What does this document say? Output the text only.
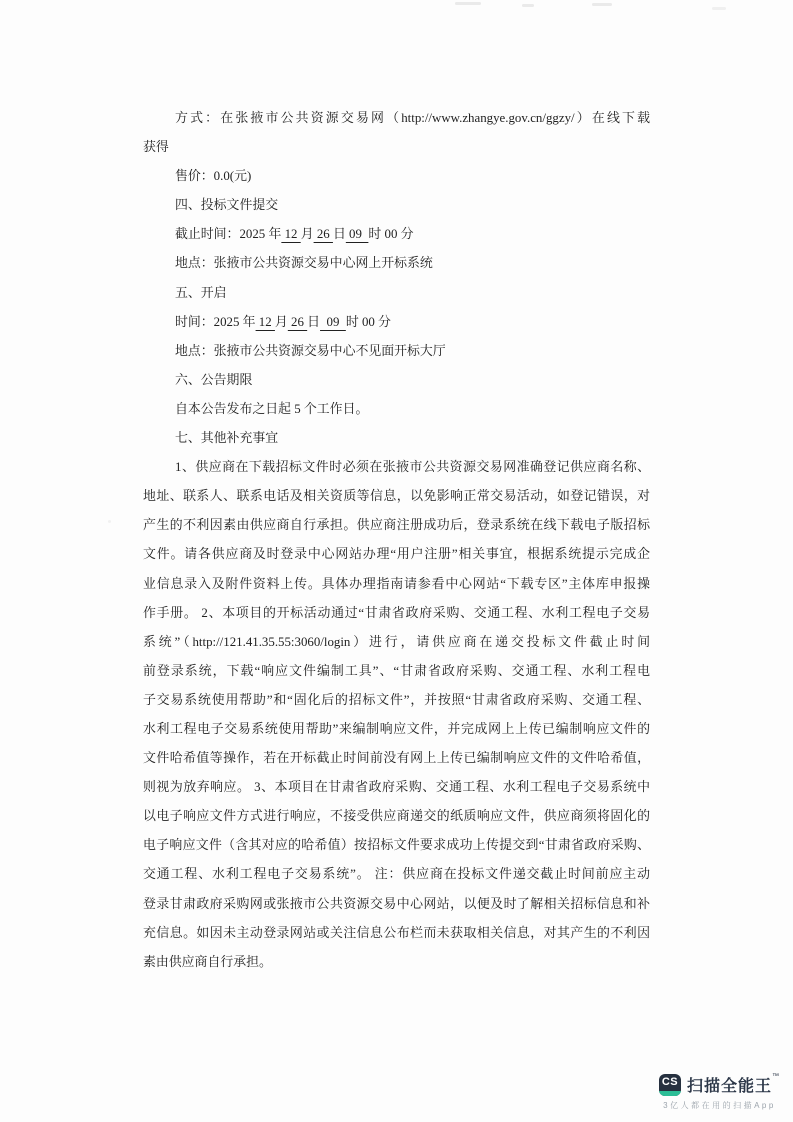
方式：在张掖市公共资源交易网（http://www.zhangye.gov.cn/ggzy/）在线下载
获得
售价：0.0(元)
四、投标文件提交
截止时间：2025 年 12 月 26 日 09  时 00 分
地点：张掖市公共资源交易中心网上开标系统
五、开启
时间：2025 年 12 月 26 日  09  时 00 分
地点：张掖市公共资源交易中心不见面开标大厅
六、公告期限
自本公告发布之日起 5 个工作日。
七、其他补充事宜
1、供应商在下载招标文件时必须在张掖市公共资源交易网准确登记供应商名称、
地址、联系人、联系电话及相关资质等信息，以免影响正常交易活动，如登记错误，对
产生的不利因素由供应商自行承担。供应商注册成功后，登录系统在线下载电子版招标
文件。请各供应商及时登录中心网站办理“用户注册”相关事宜，根据系统提示完成企
业信息录入及附件资料上传。具体办理指南请参看中心网站“下载专区”主体库申报操
作手册。 2、本项目的开标活动通过“甘肃省政府采购、交通工程、水利工程电子交易
系统”（http://121.41.35.55:3060/login）进行，请供应商在递交投标文件截止时间
前登录系统，下载“响应文件编制工具”、“甘肃省政府采购、交通工程、水利工程电
子交易系统使用帮助”和“固化后的招标文件”，并按照“甘肃省政府采购、交通工程、
水利工程电子交易系统使用帮助”来编制响应文件，并完成网上上传已编制响应文件的
文件哈希值等操作，若在开标截止时间前没有网上上传已编制响应文件的文件哈希值，
则视为放弃响应。 3、本项目在甘肃省政府采购、交通工程、水利工程电子交易系统中
以电子响应文件方式进行响应，不接受供应商递交的纸质响应文件，供应商须将固化的
电子响应文件（含其对应的哈希值）按招标文件要求成功上传提交到“甘肃省政府采购、
交通工程、水利工程电子交易系统”。 注：供应商在投标文件递交截止时间前应主动
登录甘肃政府采购网或张掖市公共资源交易中心网站，以便及时了解相关招标信息和补
充信息。如因未主动登录网站或关注信息公布栏而未获取相关信息，对其产生的不利因
素由供应商自行承担。
CS 扫描全能王™
3亿人都在用的扫描App
